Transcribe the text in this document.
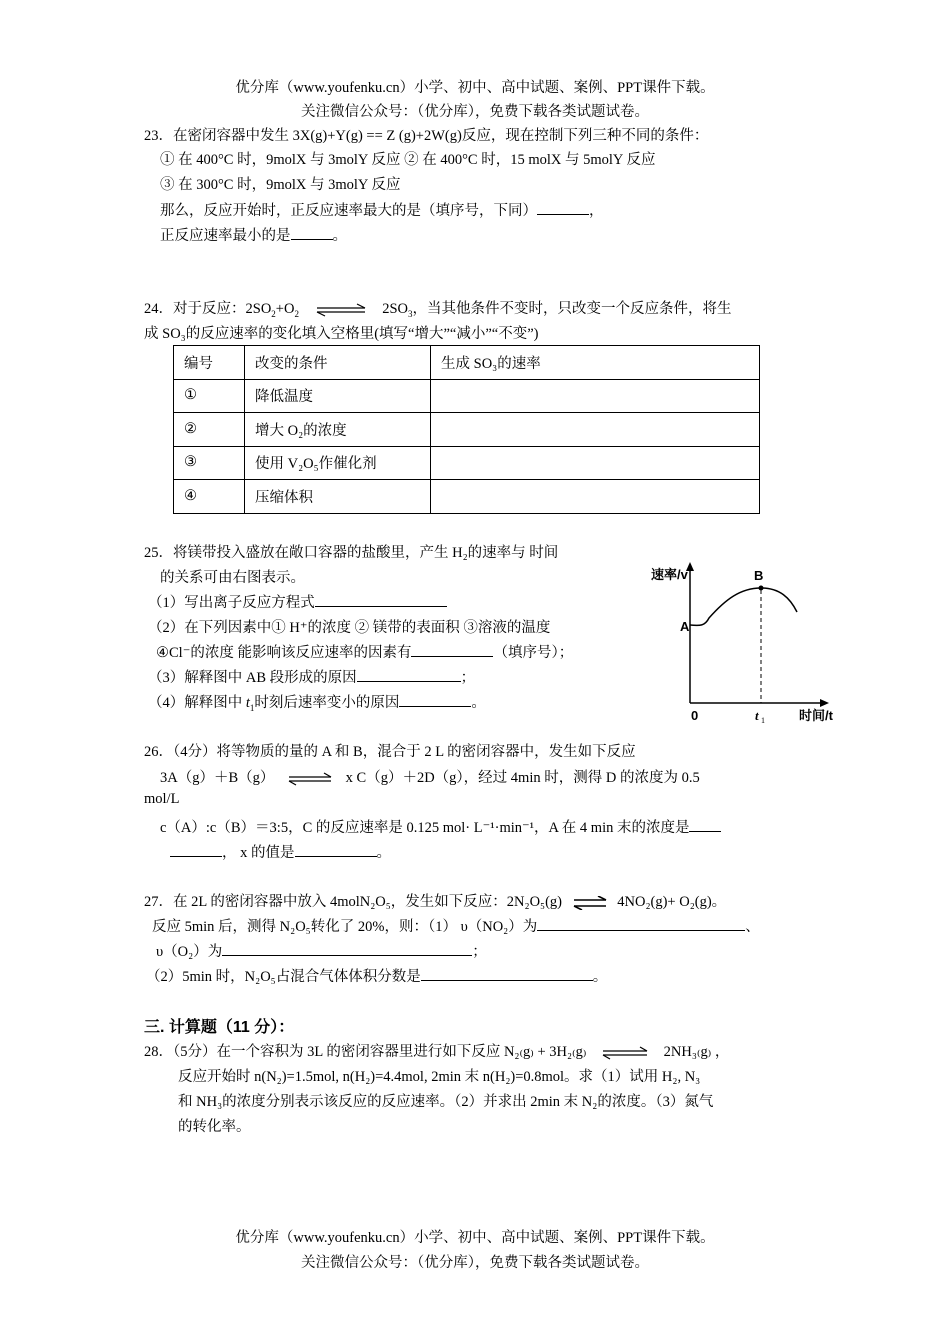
优分库（www.youfenku.cn）小学、初中、高中试题、案例、PPT课件下载。
关注微信公众号：（优分库），免费下载各类试题试卷。
23．在密闭容器中发生 3X(g)+Y(g) == Z (g)+2W(g)反应，现在控制下列三种不同的条件：
① 在 400°C 时，9molX 与 3molY 反应 ② 在 400°C 时，15 molX 与 5molY 反应
③ 在 300°C 时，9molX 与 3molY 反应
那么，反应开始时，正反应速率最大的是（填序号，下同）	，
正反应速率最小的是	。
24．对于反应：$2SO_2+O_2$ ⇌ $2SO_3$，当其他条件不变时，只改变一个反应条件，将生
成 SO₃的反应速率的变化填入空格里(填写“增大”“减小”“不变”)
编号	改变的条件	生成 SO₃的速率
①	降低温度	
②	增大 O₂的浓度	
③	使用 V₂O₅作催化剂	
④	压缩体积	
25．将镁带投入盛放在敞口容器的盐酸里，产生 H₂的速率与 时间
的关系可由右图表示。
（1）写出离子反应方程式
（2）在下列因素中① H⁺的浓度 ② 镁带的表面积 ③溶液的温度
④Cl⁻的浓度 能影响该反应速率的因素有	（填序号）；
（3）解释图中 AB 段形成的原因	；
（4）解释图中 $t_1$时刻后速率变小的原因	。
速率/v
时间/t
0
A
B
t 1
26．（4分）将等物质的量的 A 和 B，混合于 2 L 的密闭容器中，发生如下反应
3A（g）＋B（g） ⇌ x C（g）＋2D（g），经过 4min 时，测得 D 的浓度为 0.5
mol/L
c（A）:c（B）＝3:5，C 的反应速率是 0.125 mol· L⁻¹·min⁻¹，A 在 4 min 末的浓度是
， x 的值是	。
27．在 2L 的密闭容器中放入 4molN₂O₅，发生如下反应：2N₂O₅(g) ⇌ 4NO₂(g)+ O₂(g)。
反应 5min 后，测得 N₂O₅转化了 20%，则：（1） υ（NO₂）为	、
υ（O₂）为	；
（2）5min 时，N₂O₅占混合气体体积分数是	。
三. 计算题（11 分）：
28．（5分）在一个容积为 3L 的密闭容器里进行如下反应 N₂₍g₎ + 3H₂₍g₎ ⇌ 2NH₃₍g₎ ，
反应开始时 n(N₂)=1.5mol, n(H₂)=4.4mol, 2min 末 n(H₂)=0.8mol。求（1）试用 H₂, N₃
和 NH₃的浓度分别表示该反应的反应速率。（2）并求出 2min 末 N₂的浓度。（3）氮气
的转化率。
优分库（www.youfenku.cn）小学、初中、高中试题、案例、PPT课件下载。
关注微信公众号：（优分库），免费下载各类试题试卷。
